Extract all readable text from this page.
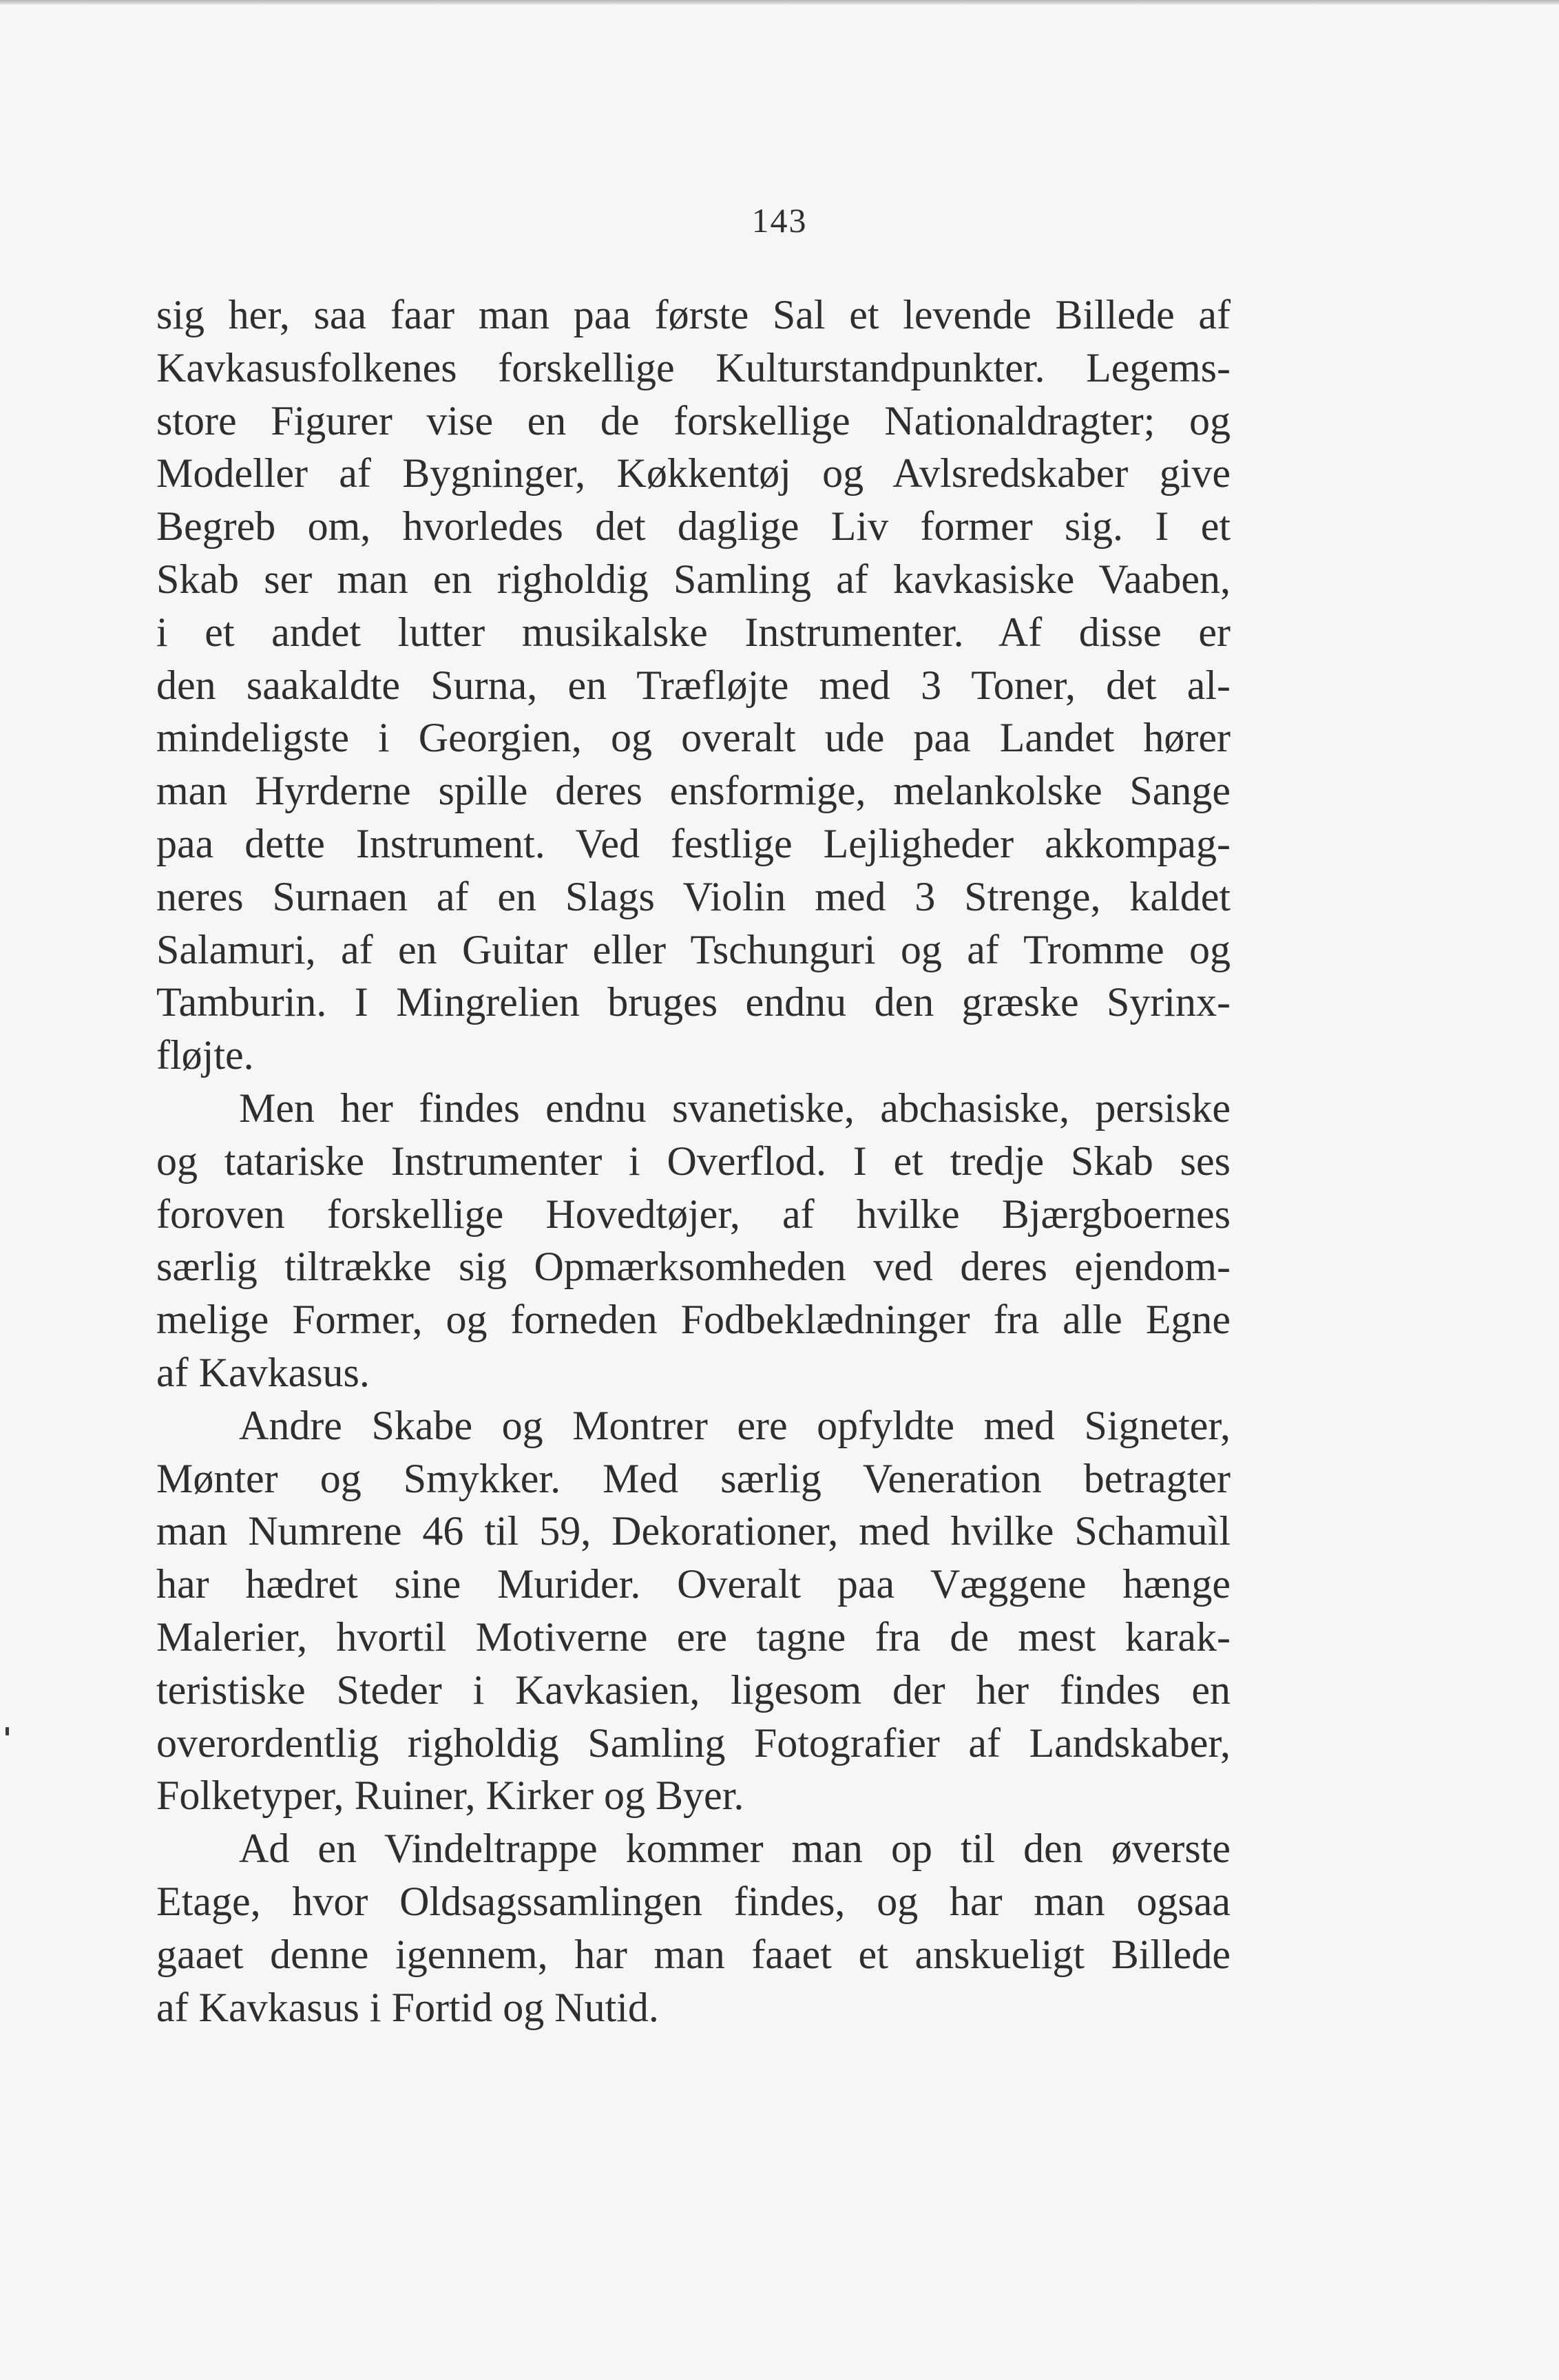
143
sig her, saa faar man paa første Sal et levende Billede af
Kavkasusfolkenes forskellige Kulturstandpunkter. Legems-
store Figurer vise en de forskellige Nationaldragter; og
Modeller af Bygninger, Køkkentøj og Avlsredskaber give
Begreb om, hvorledes det daglige Liv former sig. I et
Skab ser man en righoldig Samling af kavkasiske Vaaben,
i et andet lutter musikalske Instrumenter. Af disse er
den saakaldte Surna, en Træfløjte med 3 Toner, det al-
mindeligste i Georgien, og overalt ude paa Landet hører
man Hyrderne spille deres ensformige, melankolske Sange
paa dette Instrument. Ved festlige Lejligheder akkompag-
neres Surnaen af en Slags Violin med 3 Strenge, kaldet
Salamuri, af en Guitar eller Tschunguri og af Tromme og
Tamburin. I Mingrelien bruges endnu den græske Syrinx-
fløjte.
Men her findes endnu svanetiske, abchasiske, persiske
og tatariske Instrumenter i Overflod. I et tredje Skab ses
foroven forskellige Hovedtøjer, af hvilke Bjærgboernes
særlig tiltrække sig Opmærksomheden ved deres ejendom-
melige Former, og forneden Fodbeklædninger fra alle Egne
af Kavkasus.
Andre Skabe og Montrer ere opfyldte med Signeter,
Mønter og Smykker. Med særlig Veneration betragter
man Numrene 46 til 59, Dekorationer, med hvilke Schamuìl
har hædret sine Murider. Overalt paa Væggene hænge
Malerier, hvortil Motiverne ere tagne fra de mest karak-
teristiske Steder i Kavkasien, ligesom der her findes en
overordentlig righoldig Samling Fotografier af Landskaber,
Folketyper, Ruiner, Kirker og Byer.
Ad en Vindeltrappe kommer man op til den øverste
Etage, hvor Oldsagssamlingen findes, og har man ogsaa
gaaet denne igennem, har man faaet et anskueligt Billede
af Kavkasus i Fortid og Nutid.
